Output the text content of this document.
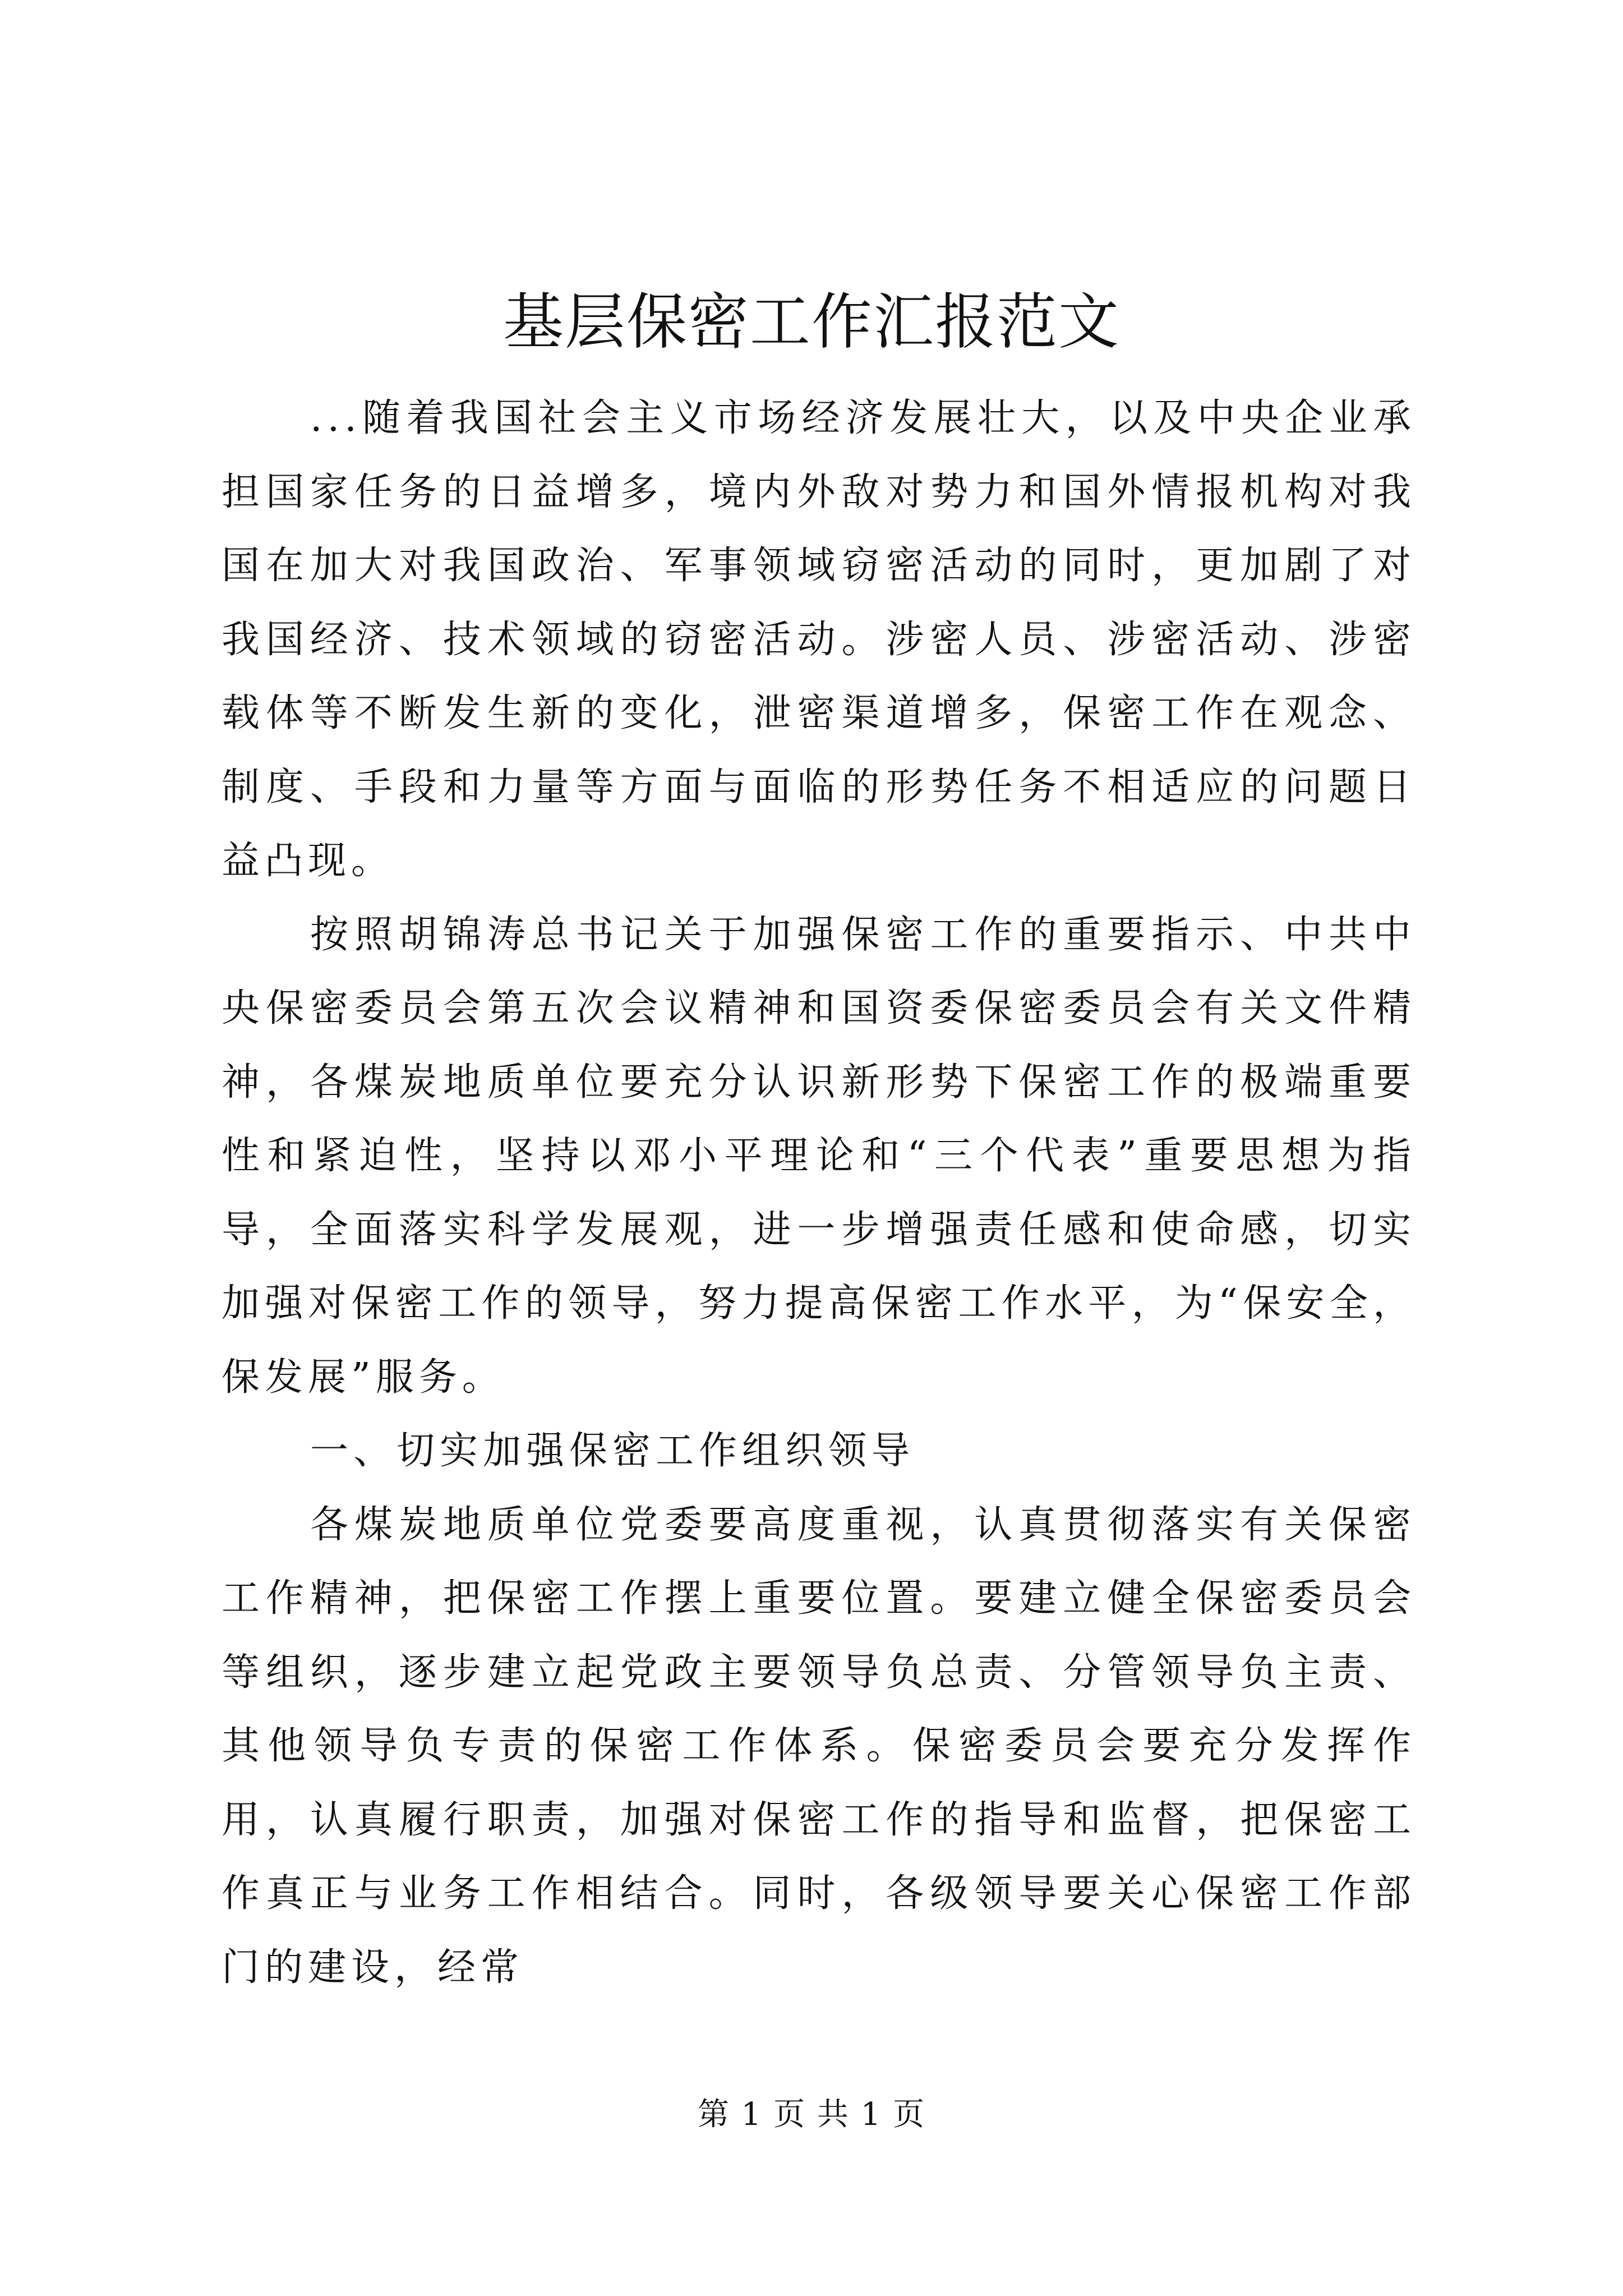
基层保密工作汇报范文

...随着我国社会主义市场经济发展壮大，以及中央企业承担国家任务的日益增多，境内外敌对势力和国外情报机构对我国在加大对我国政治、军事领域窃密活动的同时，更加剧了对我国经济、技术领域的窃密活动。涉密人员、涉密活动、涉密载体等不断发生新的变化，泄密渠道增多，保密工作在观念、制度、手段和力量等方面与面临的形势任务不相适应的问题日益凸现。

按照胡锦涛总书记关于加强保密工作的重要指示、中共中央保密委员会第五次会议精神和国资委保密委员会有关文件精神，各煤炭地质单位要充分认识新形势下保密工作的极端重要性和紧迫性，坚持以邓小平理论和“三个代表”重要思想为指导，全面落实科学发展观，进一步增强责任感和使命感，切实加强对保密工作的领导，努力提高保密工作水平，为“保安全，保发展”服务。

一、切实加强保密工作组织领导

各煤炭地质单位党委要高度重视，认真贯彻落实有关保密工作精神，把保密工作摆上重要位置。要建立健全保密委员会等组织，逐步建立起党政主要领导负总责、分管领导负主责、其他领导负专责的保密工作体系。保密委员会要充分发挥作用，认真履行职责，加强对保密工作的指导和监督，把保密工作真正与业务工作相结合。同时，各级领导要关心保密工作部门的建设，经常

第 1 页 共 1 页
